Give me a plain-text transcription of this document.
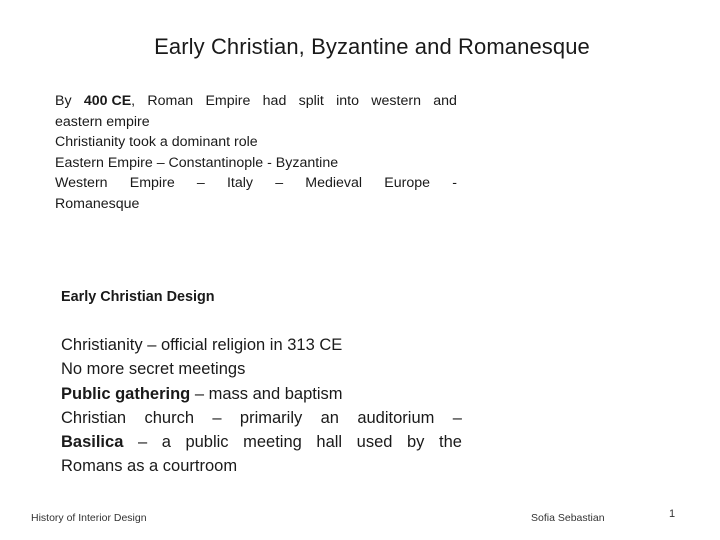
Early Christian, Byzantine and Romanesque
By 400 CE, Roman Empire had split into western and
eastern empire
Christianity took a dominant role
Eastern Empire – Constantinople - Byzantine
Western Empire – Italy – Medieval Europe -
Romanesque
Early Christian Design
Christianity – official religion in 313 CE
No more secret meetings
Public gathering – mass and baptism
Christian church – primarily an auditorium –
Basilica – a public meeting hall used by the
Romans as a courtroom
History of Interior Design	Sofia Sebastian	1
